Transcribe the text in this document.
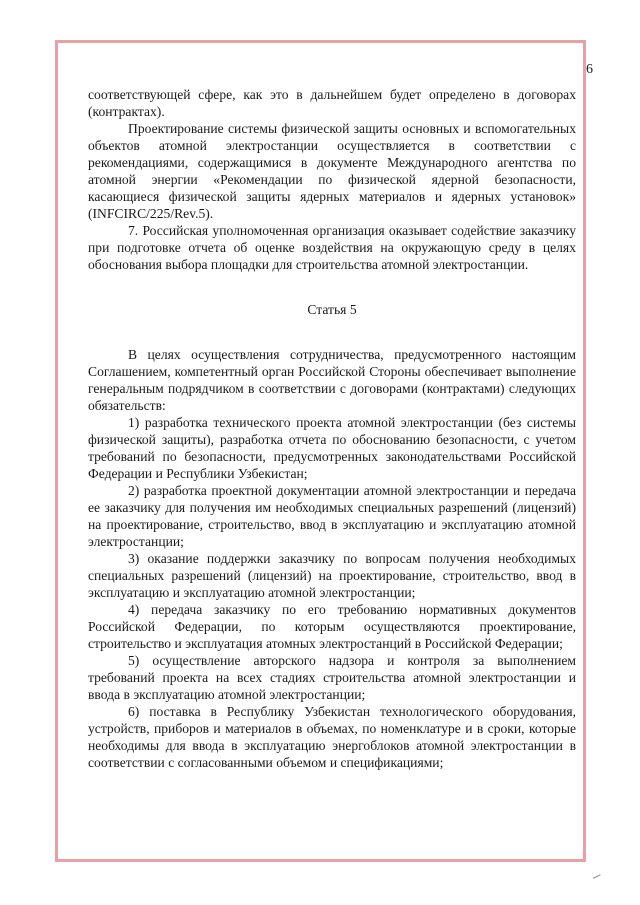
6

соответствующей сфере, как это в дальнейшем будет определено в договорах (контрактах).

Проектирование системы физической защиты основных и вспомогательных объектов атомной электростанции осуществляется в соответствии с рекомендациями, содержащимися в документе Международного агентства по атомной энергии «Рекомендации по физической ядерной безопасности, касающиеся физической защиты ядерных материалов и ядерных установок» (INFCIRC/225/Rev.5).

7. Российская уполномоченная организация оказывает содействие заказчику при подготовке отчета об оценке воздействия на окружающую среду в целях обоснования выбора площадки для строительства атомной электростанции.

Статья 5

В целях осуществления сотрудничества, предусмотренного настоящим Соглашением, компетентный орган Российской Стороны обеспечивает выполнение генеральным подрядчиком в соответствии с договорами (контрактами) следующих обязательств:

1) разработка технического проекта атомной электростанции (без системы физической защиты), разработка отчета по обоснованию безопасности, с учетом требований по безопасности, предусмотренных законодательствами Российской Федерации и Республики Узбекистан;

2) разработка проектной документации атомной электростанции и передача ее заказчику для получения им необходимых специальных разрешений (лицензий) на проектирование, строительство, ввод в эксплуатацию и эксплуатацию атомной электростанции;

3) оказание поддержки заказчику по вопросам получения необходимых специальных разрешений (лицензий) на проектирование, строительство, ввод в эксплуатацию и эксплуатацию атомной электростанции;

4) передача заказчику по его требованию нормативных документов Российской Федерации, по которым осуществляются проектирование, строительство и эксплуатация атомных электростанций в Российской Федерации;

5) осуществление авторского надзора и контроля за выполнением требований проекта на всех стадиях строительства атомной электростанции и ввода в эксплуатацию атомной электростанции;

6) поставка в Республику Узбекистан технологического оборудования, устройств, приборов и материалов в объемах, по номенклатуре и в сроки, которые необходимы для ввода в эксплуатацию энергоблоков атомной электростанции в соответствии с согласованными объемом и спецификациями;
